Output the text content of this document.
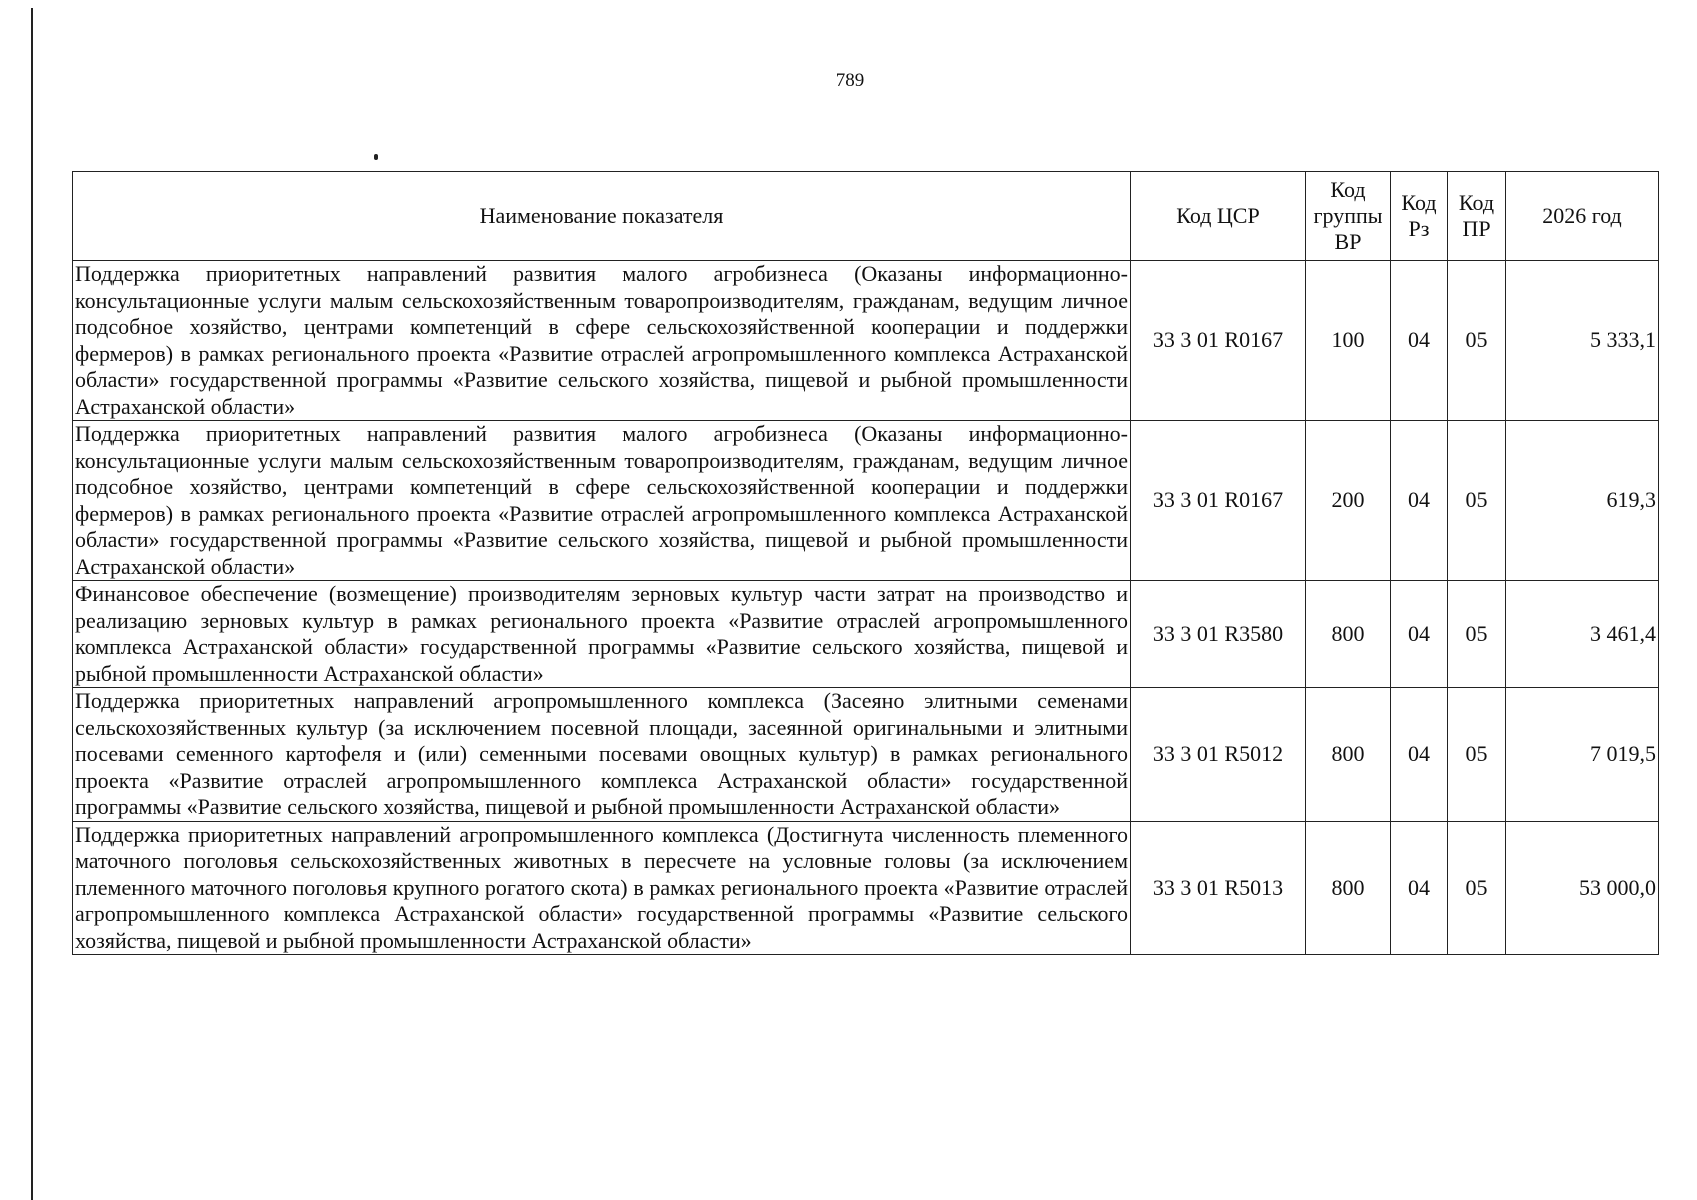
789
Наименование показателя	Код ЦСР	Код группы ВР	Код Рз	Код ПР	2026 год
Поддержка приоритетных направлений развития малого агробизнеса (Оказаны информационно-консультационные услуги малым сельскохозяйственным товаропроизводителям, гражданам, ведущим личное подсобное хозяйство, центрами компетенций в сфере сельскохозяйственной кооперации и поддержки фермеров) в рамках регионального проекта «Развитие отраслей агропромышленного комплекса Астраханской области» государственной программы «Развитие сельского хозяйства, пищевой и рыбной промышленности Астраханской области»	33 3 01 R0167	100	04	05	5 333,1
Поддержка приоритетных направлений развития малого агробизнеса (Оказаны информационно-консультационные услуги малым сельскохозяйственным товаропроизводителям, гражданам, ведущим личное подсобное хозяйство, центрами компетенций в сфере сельскохозяйственной кооперации и поддержки фермеров) в рамках регионального проекта «Развитие отраслей агропромышленного комплекса Астраханской области» государственной программы «Развитие сельского хозяйства, пищевой и рыбной промышленности Астраханской области»	33 3 01 R0167	200	04	05	619,3
Финансовое обеспечение (возмещение) производителям зерновых культур части затрат на производство и реализацию зерновых культур в рамках регионального проекта «Развитие отраслей агропромышленного комплекса Астраханской области» государственной программы «Развитие сельского хозяйства, пищевой и рыбной промышленности Астраханской области»	33 3 01 R3580	800	04	05	3 461,4
Поддержка приоритетных направлений агропромышленного комплекса (Засеяно элитными семенами сельскохозяйственных культур (за исключением посевной площади, засеянной оригинальными и элитными посевами семенного картофеля и (или) семенными посевами овощных культур) в рамках регионального проекта «Развитие отраслей агропромышленного комплекса Астраханской области» государственной программы «Развитие сельского хозяйства, пищевой и рыбной промышленности Астраханской области»	33 3 01 R5012	800	04	05	7 019,5
Поддержка приоритетных направлений агропромышленного комплекса (Достигнута численность племенного маточного поголовья сельскохозяйственных животных в пересчете на условные головы (за исключением племенного маточного поголовья крупного рогатого скота) в рамках регионального проекта «Развитие отраслей агропромышленного комплекса Астраханской области» государственной программы «Развитие сельского хозяйства, пищевой и рыбной промышленности Астраханской области»	33 3 01 R5013	800	04	05	53 000,0
